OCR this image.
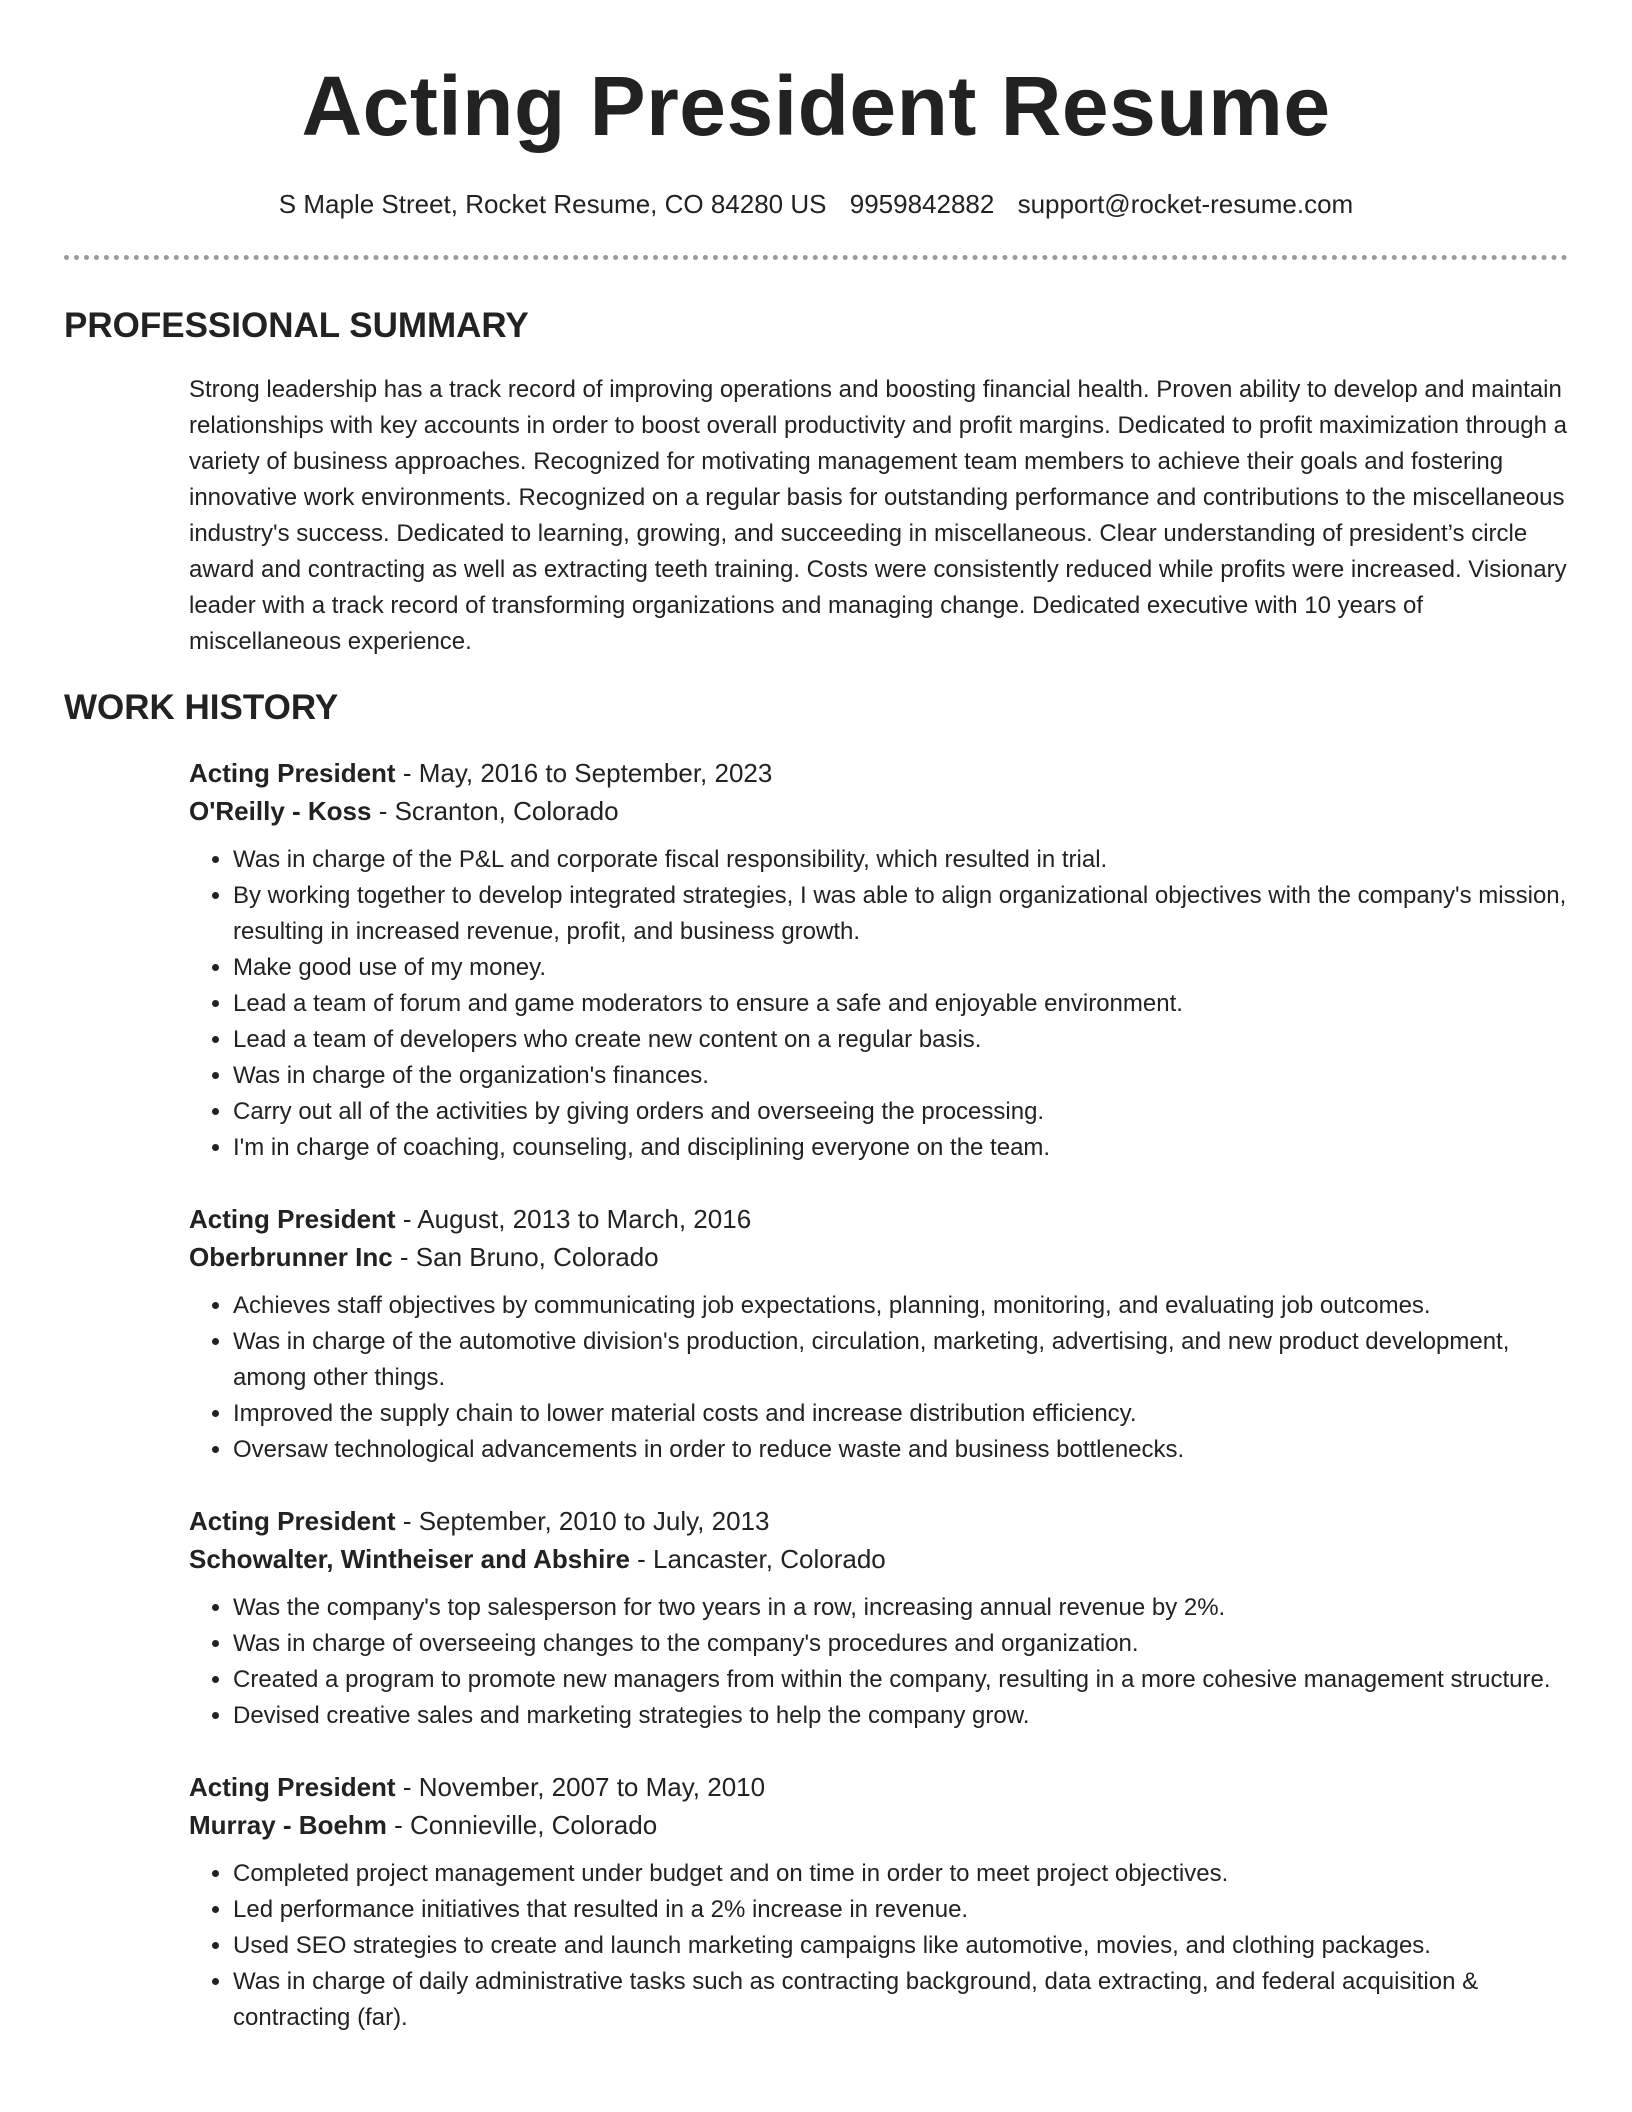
Acting President Resume
S Maple Street, Rocket Resume, CO 84280 US 9959842882 support@rocket-resume.com
PROFESSIONAL SUMMARY

Strong leadership has a track record of improving operations and boosting financial health. Proven ability to develop and maintain relationships with key accounts in order to boost overall productivity and profit margins. Dedicated to profit maximization through a variety of business approaches. Recognized for motivating management team members to achieve their goals and fostering innovative work environments. Recognized on a regular basis for outstanding performance and contributions to the miscellaneous industry's success. Dedicated to learning, growing, and succeeding in miscellaneous. Clear understanding of president’s circle award and contracting as well as extracting teeth training. Costs were consistently reduced while profits were increased. Visionary leader with a track record of transforming organizations and managing change. Dedicated executive with 10 years of miscellaneous experience.

WORK HISTORY
Acting President - May, 2016 to September, 2023
O'Reilly - Koss - Scranton, Colorado
• Was in charge of the P&L and corporate fiscal responsibility, which resulted in trial.
• By working together to develop integrated strategies, I was able to align organizational objectives with the company's mission, resulting in increased revenue, profit, and business growth.
• Make good use of my money.
• Lead a team of forum and game moderators to ensure a safe and enjoyable environment.
• Lead a team of developers who create new content on a regular basis.
• Was in charge of the organization's finances.
• Carry out all of the activities by giving orders and overseeing the processing.
• I'm in charge of coaching, counseling, and disciplining everyone on the team.
Acting President - August, 2013 to March, 2016
Oberbrunner Inc - San Bruno, Colorado
• Achieves staff objectives by communicating job expectations, planning, monitoring, and evaluating job outcomes.
• Was in charge of the automotive division's production, circulation, marketing, advertising, and new product development, among other things.
• Improved the supply chain to lower material costs and increase distribution efficiency.
• Oversaw technological advancements in order to reduce waste and business bottlenecks.
Acting President - September, 2010 to July, 2013
Schowalter, Wintheiser and Abshire - Lancaster, Colorado
• Was the company's top salesperson for two years in a row, increasing annual revenue by 2%.
• Was in charge of overseeing changes to the company's procedures and organization.
• Created a program to promote new managers from within the company, resulting in a more cohesive management structure.
• Devised creative sales and marketing strategies to help the company grow.
Acting President - November, 2007 to May, 2010
Murray - Boehm - Connieville, Colorado
• Completed project management under budget and on time in order to meet project objectives.
• Led performance initiatives that resulted in a 2% increase in revenue.
• Used SEO strategies to create and launch marketing campaigns like automotive, movies, and clothing packages.
• Was in charge of daily administrative tasks such as contracting background, data extracting, and federal acquisition & contracting (far).
